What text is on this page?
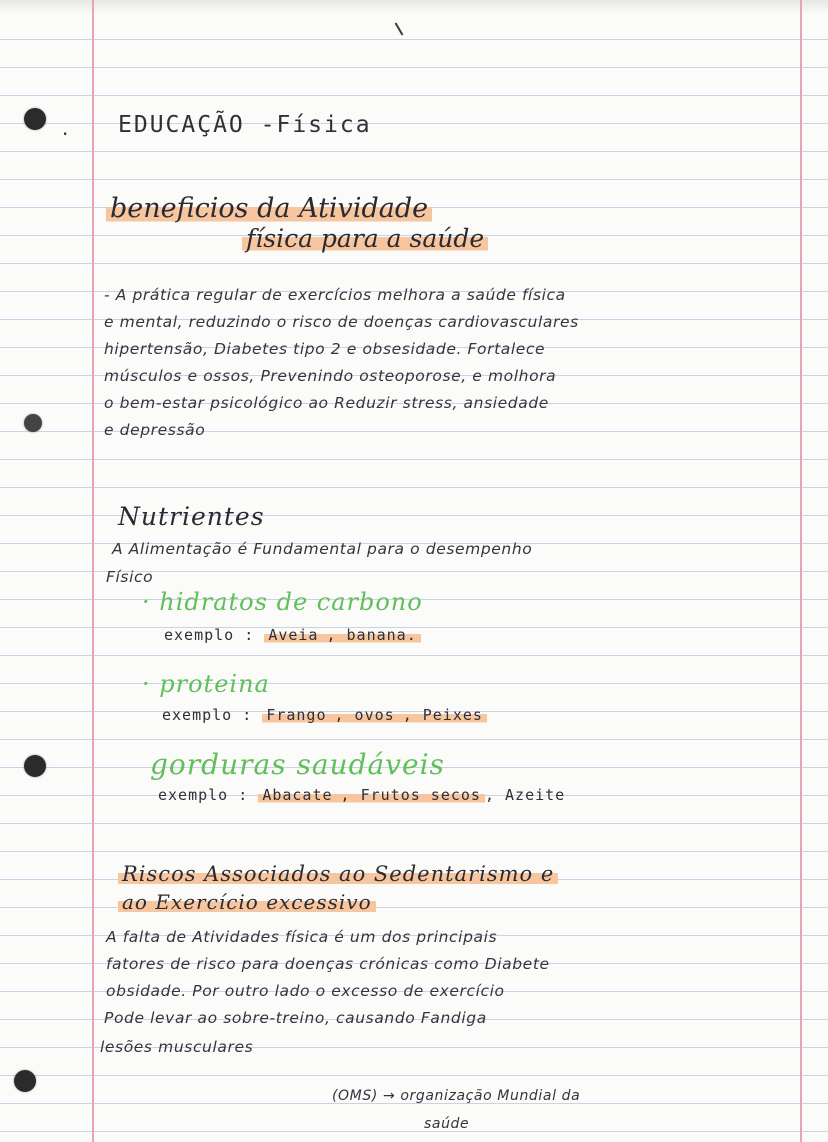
. EDUCAÇÃO -Física
beneficios da Atividade
física para a saúde
- A prática regular de exercícios melhora a saúde física
e mental, reduzindo o risco de doenças cardiovasculares
hipertensão, Diabetes tipo 2 e obsesidade. Fortalece
músculos e ossos, Prevenindo osteoporose, e molhora
o bem-estar psicológico ao Reduzir stress, ansiedade
e depressão
Nutrientes
A Alimentação é Fundamental para o desempenho
Físico
· hidratos de carbono
exemplo : Aveia , banana.
· proteina
exemplo : Frango , ovos , Peixes
gorduras saudáveis
exemplo : Abacate , Frutos secos , Azeite
Riscos Associados ao Sedentarismo e
ao Exercício excessivo
A falta de Atividades física é um dos principais
fatores de risco para doenças crónicas como Diabete
obsidade. Por outro lado o excesso de exercício
Pode levar ao sobre-treino, causando Fandiga
lesões musculares
(OMS) → organização Mundial da
saúde
